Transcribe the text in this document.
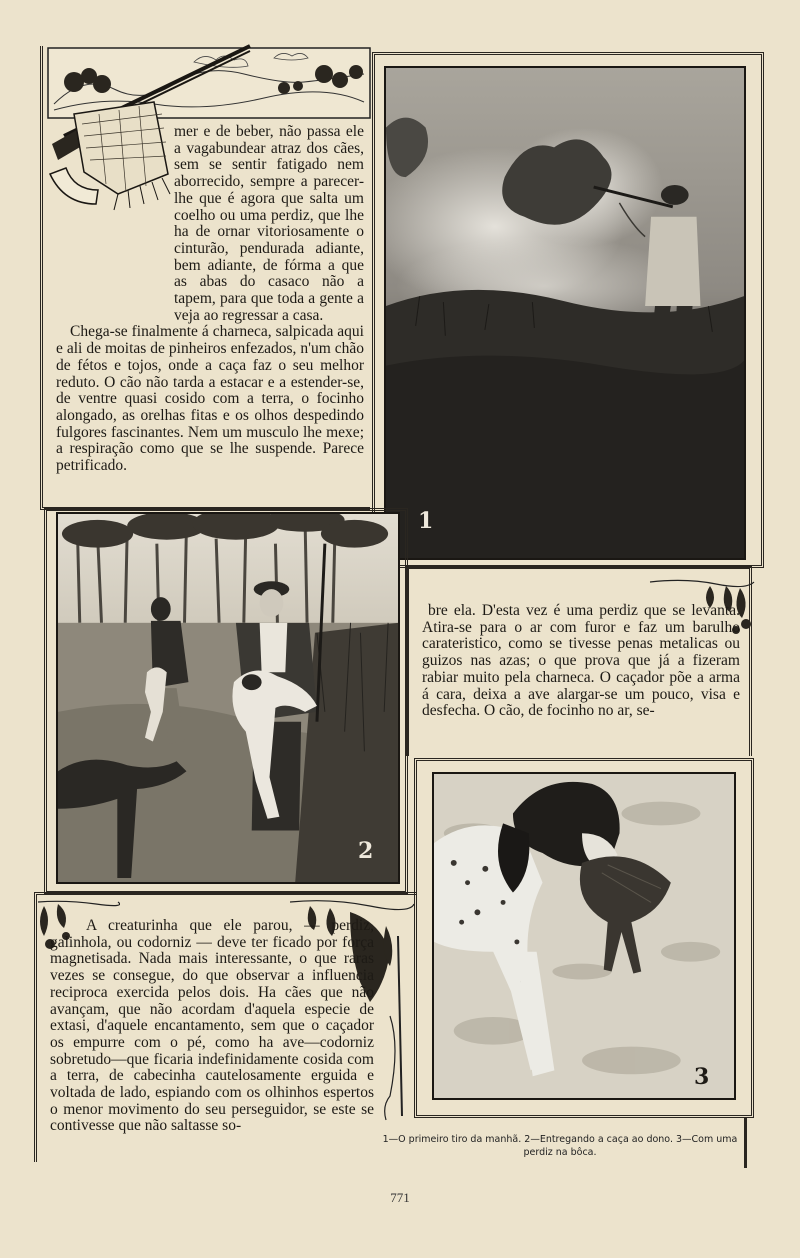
mer e de beber, não passa ele a vagabundear atraz dos cães, sem se sentir fatigado nem aborrecido, sempre a parecer-lhe que é agora que salta um coelho ou uma perdiz, que lhe ha de ornar vitoriosamente o cinturão, pendurada adiante, bem adiante, de fórma a que as abas do casaco não a tapem, para que toda a gente a veja ao regressar a casa.

Chega-se finalmente á charneca, salpicada aqui e ali de moitas de pinheiros enfezados, n'um chão de fétos e tojos, onde a caça faz o seu melhor reduto. O cão não tarda a estacar e a estender-se, de ventre quasi cosido com a terra, o focinho alongado, as orelhas fitas e os olhos despedindo fulgores fascinantes. Nem um musculo lhe mexe; a respiração como que se lhe suspende. Parece petrificado.

1
2

bre ela. D'esta vez é uma perdiz que se levanta. Atira-se para o ar com furor e faz um barulho carateristico, como se tivesse penas metalicas ou guizos nas azas; o que prova que já a fizeram rabiar muito pela charneca. O caçador põe a arma á cara, deixa a ave alargar-se um pouco, visa e desfecha. O cão, de focinho no ar, se-

3

A creaturinha que ele parou, — perdiz, galinhola, ou codorniz — deve ter ficado por força magnetisada. Nada mais interessante, o que raras vezes se consegue, do que observar a influencia reciproca exercida pelos dois. Ha cães que não avançam, que não acordam d'aquela especie de extasi, d'aquele encantamento, sem que o caçador os empurre com o pé, como ha ave—codorniz sobretudo—que ficaria indefinidamente cosida com a terra, de cabecinha cautelosamente erguida e voltada de lado, espiando com os olhinhos espertos o menor movimento do seu perseguidor, se este se contivesse que não saltasse so-

1—O primeiro tiro da manhã. 2—Entregando a caça ao dono. 3—Com uma perdiz na bôca.
771
